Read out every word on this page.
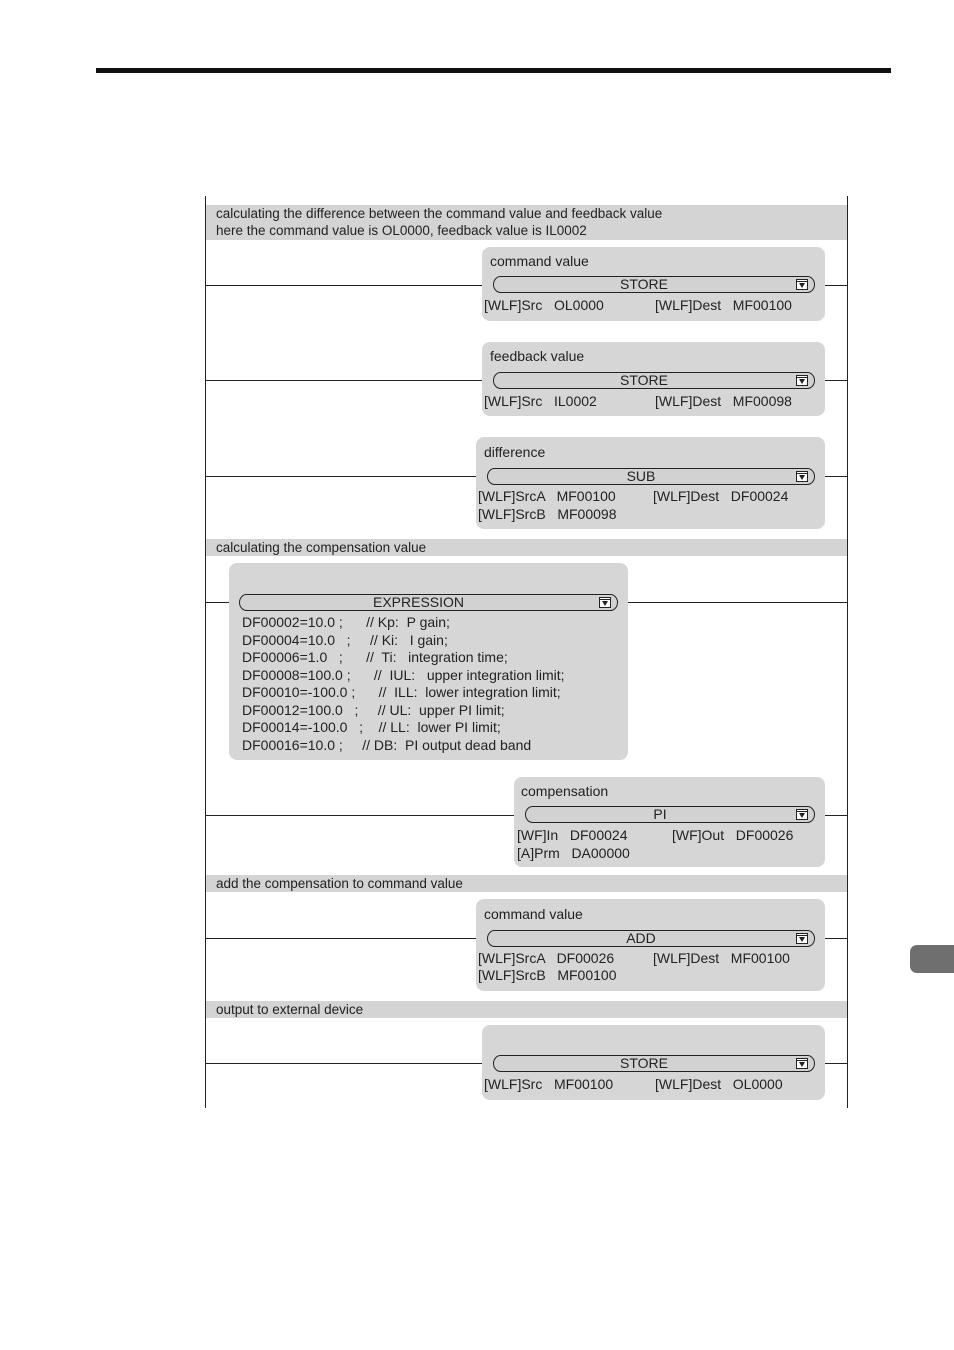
calculating the difference between the command value and feedback value
here the command value is OL0000, feedback value is IL0002
calculating the compensation value
add the compensation to command value
output to external device
command value
STORE
[WLF]Src   OL0000	[WLF]Dest   MF00100
feedback value
STORE
[WLF]Src   IL0002	[WLF]Dest   MF00098
difference
SUB
[WLF]SrcA   MF00100	[WLF]Dest   DF00024
[WLF]SrcB   MF00098
EXPRESSION
DF00002=10.0 ;      // Kp:  P gain;
DF00004=10.0   ;     // Ki:   I gain;
DF00006=1.0   ;      //  Ti:   integration time;
DF00008=100.0 ;      //  IUL:   upper integration limit;
DF00010=-100.0 ;      //  ILL:  lower integration limit;
DF00012=100.0   ;     // UL:  upper PI limit;
DF00014=-100.0   ;    // LL:  lower PI limit;
DF00016=10.0 ;     // DB:  PI output dead band
compensation
PI
[WF]In   DF00024	[WF]Out   DF00026
[A]Prm   DA00000
command value
ADD
[WLF]SrcA   DF00026	[WLF]Dest   MF00100
[WLF]SrcB   MF00100
STORE
[WLF]Src   MF00100	[WLF]Dest   OL0000
